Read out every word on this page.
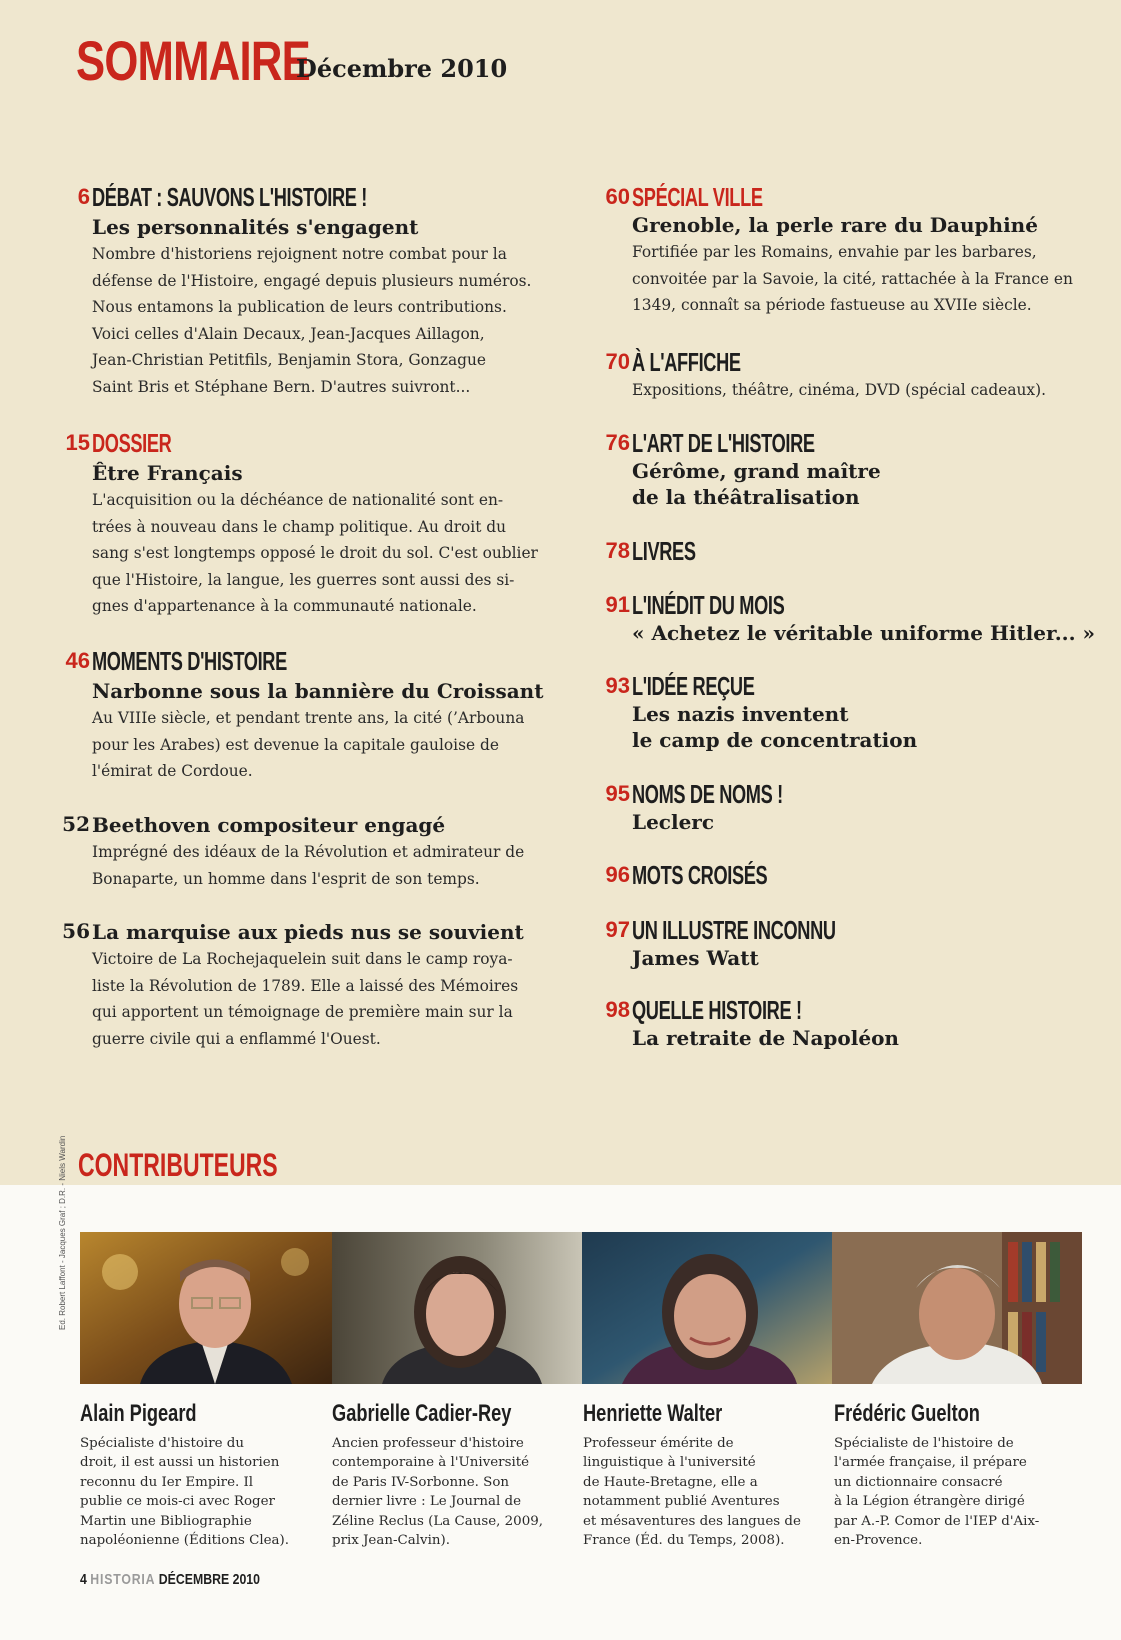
SOMMAIRE
Décembre 2010
6 DÉBAT : SAUVONS L'HISTOIRE !
Les personnalités s'engagent
Nombre d'historiens rejoignent notre combat pour la
défense de l'Histoire, engagé depuis plusieurs numéros.
Nous entamons la publication de leurs contributions.
Voici celles d'Alain Decaux, Jean-Jacques Aillagon,
Jean-Christian Petitfils, Benjamin Stora, Gonzague
Saint Bris et Stéphane Bern. D'autres suivront...
15 DOSSIER
Être Français
L'acquisition ou la déchéance de nationalité sont en-
trées à nouveau dans le champ politique. Au droit du
sang s'est longtemps opposé le droit du sol. C'est oublier
que l'Histoire, la langue, les guerres sont aussi des si-
gnes d'appartenance à la communauté nationale.
46 MOMENTS D'HISTOIRE
Narbonne sous la bannière du Croissant
Au VIIIe siècle, et pendant trente ans, la cité (’Arbouna
pour les Arabes) est devenue la capitale gauloise de
l'émirat de Cordoue.
52 Beethoven compositeur engagé
Imprégné des idéaux de la Révolution et admirateur de
Bonaparte, un homme dans l'esprit de son temps.
56 La marquise aux pieds nus se souvient
Victoire de La Rochejaquelein suit dans le camp roya-
liste la Révolution de 1789. Elle a laissé des Mémoires
qui apportent un témoignage de première main sur la
guerre civile qui a enflammé l'Ouest.
60 SPÉCIAL VILLE
Grenoble, la perle rare du Dauphiné
Fortifiée par les Romains, envahie par les barbares,
convoitée par la Savoie, la cité, rattachée à la France en
1349, connaît sa période fastueuse au XVIIe siècle.
70 À L'AFFICHE
Expositions, théâtre, cinéma, DVD (spécial cadeaux).
76 L'ART DE L'HISTOIRE
Gérôme, grand maître
de la théâtralisation
78 LIVRES
91 L'INÉDIT DU MOIS
« Achetez le véritable uniforme Hitler... »
93 L'IDÉE REÇUE
Les nazis inventent
le camp de concentration
95 NOMS DE NOMS !
Leclerc
96 MOTS CROISÉS
97 UN ILLUSTRE INCONNU
James Watt
98 QUELLE HISTOIRE !
La retraite de Napoléon
CONTRIBUTEURS
Ed. Robert Laffont - Jacques Graf ; D.R. - Niels Wardin
Alain Pigeard
Spécialiste d'histoire du
droit, il est aussi un historien
reconnu du Ier Empire. Il
publie ce mois-ci avec Roger
Martin une Bibliographie
napoléonienne (Éditions Clea).
Gabrielle Cadier-Rey
Ancien professeur d'histoire
contemporaine à l'Université
de Paris IV-Sorbonne. Son
dernier livre : Le Journal de
Zéline Reclus (La Cause, 2009,
prix Jean-Calvin).
Henriette Walter
Professeur émérite de
linguistique à l'université
de Haute-Bretagne, elle a
notamment publié Aventures
et mésaventures des langues de
France (Éd. du Temps, 2008).
Frédéric Guelton
Spécialiste de l'histoire de
l'armée française, il prépare
un dictionnaire consacré
à la Légion étrangère dirigé
par A.-P. Comor de l'IEP d'Aix-
en-Provence.
4 HISTORIA DÉCEMBRE 2010
